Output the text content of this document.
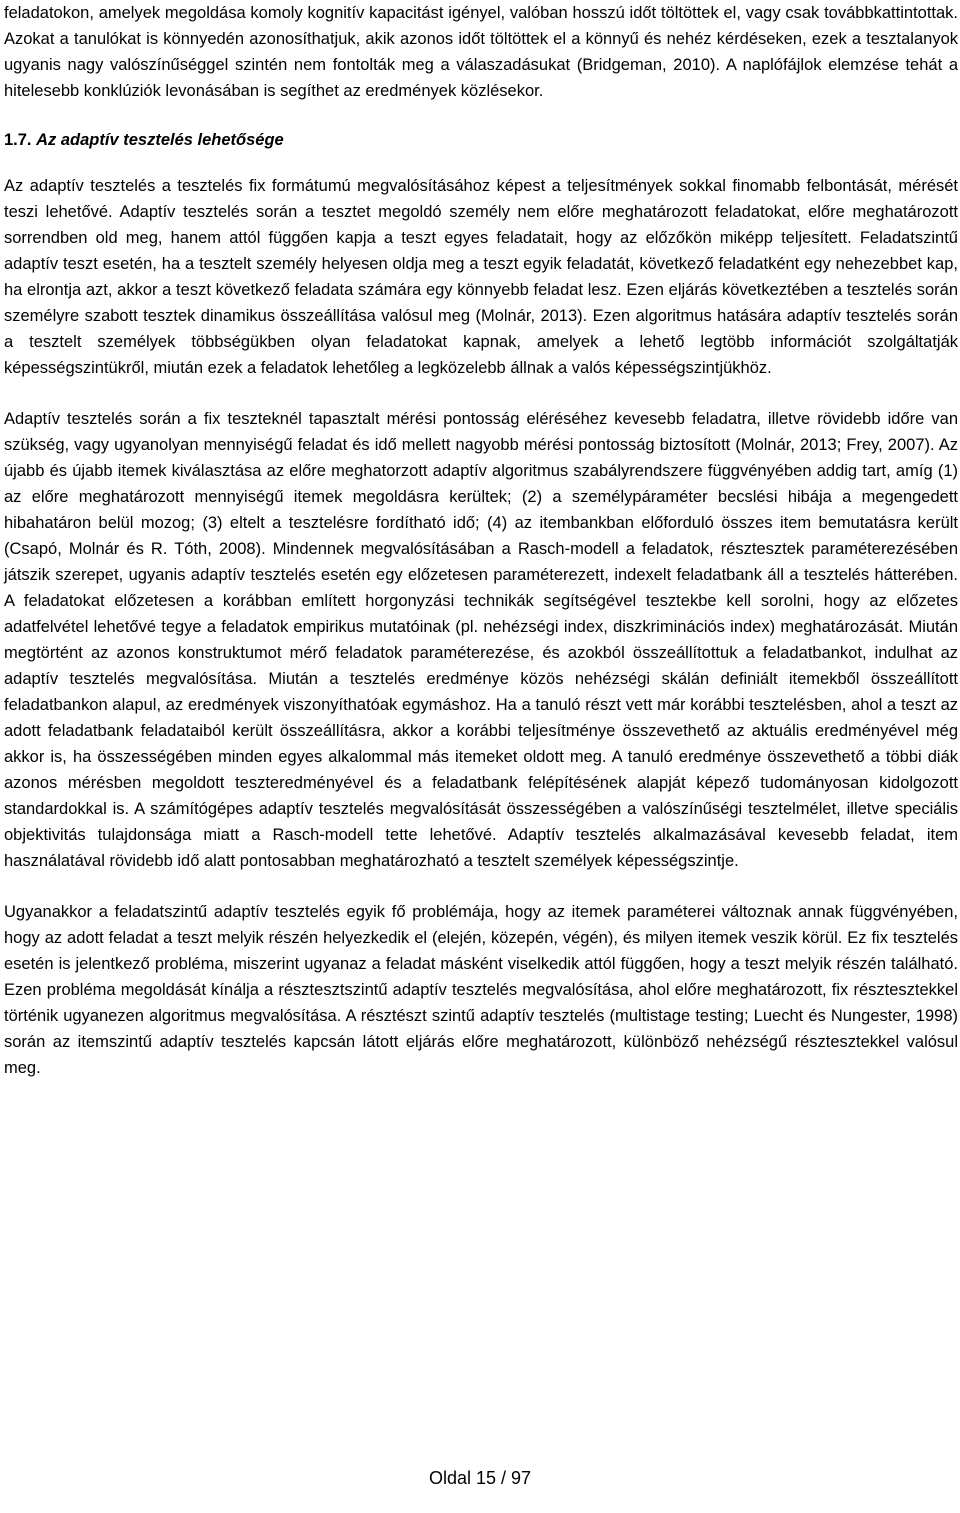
feladatokon, amelyek megoldása komoly kognitív kapacitást igényel, valóban hosszú időt töltöttek el, vagy csak továbbkattintottak. Azokat a tanulókat is könnyedén azonosíthatjuk, akik azonos időt töltöttek el a könnyű és nehéz kérdéseken, ezek a tesztalanyok ugyanis nagy valószínűséggel szintén nem fontolták meg a válaszadásukat (Bridgeman, 2010). A naplófájlok elemzése tehát a hitelesebb konklúziók levonásában is segíthet az eredmények közlésekor.

1.7. Az adaptív tesztelés lehetősége

Az adaptív tesztelés a tesztelés fix formátumú megvalósításához képest a teljesítmények sokkal finomabb felbontását, mérését teszi lehetővé. Adaptív tesztelés során a tesztet megoldó személy nem előre meghatározott feladatokat, előre meghatározott sorrendben old meg, hanem attól függően kapja a teszt egyes feladatait, hogy az előzőkön miképp teljesített. Feladatszintű adaptív teszt esetén, ha a tesztelt személy helyesen oldja meg a teszt egyik feladatát, következő feladatként egy nehezebbet kap, ha elrontja azt, akkor a teszt következő feladata számára egy könnyebb feladat lesz. Ezen eljárás következtében a tesztelés során személyre szabott tesztek dinamikus összeállítása valósul meg (Molnár, 2013). Ezen algoritmus hatására adaptív tesztelés során a tesztelt személyek többségükben olyan feladatokat kapnak, amelyek a lehető legtöbb információt szolgáltatják képességszintükről, miután ezek a feladatok lehetőleg a legközelebb állnak a valós képességszintjükhöz.

Adaptív tesztelés során a fix teszteknél tapasztalt mérési pontosság eléréséhez kevesebb feladatra, illetve rövidebb időre van szükség, vagy ugyanolyan mennyiségű feladat és idő mellett nagyobb mérési pontosság biztosított (Molnár, 2013; Frey, 2007). Az újabb és újabb itemek kiválasztása az előre meghatorzott adaptív algoritmus szabályrendszere függvényében addig tart, amíg (1) az előre meghatározott mennyiségű itemek megoldásra kerültek; (2) a személypáraméter becslési hibája a megengedett hibahatáron belül mozog; (3) eltelt a tesztelésre fordítható idő; (4) az itembankban előforduló összes item bemutatásra került (Csapó, Molnár és R. Tóth, 2008). Mindennek megvalósításában a Rasch-modell a feladatok, résztesztek paraméterezésében játszik szerepet, ugyanis adaptív tesztelés esetén egy előzetesen paraméterezett, indexelt feladatbank áll a tesztelés hátterében. A feladatokat előzetesen a korábban említett horgonyzási technikák segítségével tesztekbe kell sorolni, hogy az előzetes adatfelvétel lehetővé tegye a feladatok empirikus mutatóinak (pl. nehézségi index, diszkriminációs index) meghatározását. Miután megtörtént az azonos konstruktumot mérő feladatok paraméterezése, és azokból összeállítottuk a feladatbankot, indulhat az adaptív tesztelés megvalósítása. Miután a tesztelés eredménye közös nehézségi skálán definiált itemekből összeállított feladatbankon alapul, az eredmények viszonyíthatóak egymáshoz. Ha a tanuló részt vett már korábbi tesztelésben, ahol a teszt az adott feladatbank feladataiból került összeállításra, akkor a korábbi teljesítménye összevethető az aktuális eredményével még akkor is, ha összességében minden egyes alkalommal más itemeket oldott meg. A tanuló eredménye összevethető a többi diák azonos mérésben megoldott teszteredményével és a feladatbank felépítésének alapját képező tudományosan kidolgozott standardokkal is. A számítógépes adaptív tesztelés megvalósítását összességében a valószínűségi tesztelmélet, illetve speciális objektivitás tulajdonsága miatt a Rasch-modell tette lehetővé. Adaptív tesztelés alkalmazásával kevesebb feladat, item használatával rövidebb idő alatt pontosabban meghatározható a tesztelt személyek képességszintje.

Ugyanakkor a feladatszintű adaptív tesztelés egyik fő problémája, hogy az itemek paraméterei változnak annak függvényében, hogy az adott feladat a teszt melyik részén helyezkedik el (elején, közepén, végén), és milyen itemek veszik körül. Ez fix tesztelés esetén is jelentkező probléma, miszerint ugyanaz a feladat másként viselkedik attól függően, hogy a teszt melyik részén található. Ezen probléma megoldását kínálja a résztesztszintű adaptív tesztelés megvalósítása, ahol előre meghatározott, fix résztesztekkel történik ugyanezen algoritmus megvalósítása. A résztészt szintű adaptív tesztelés (multistage testing; Luecht és Nungester, 1998) során az itemszintű adaptív tesztelés kapcsán látott eljárás előre meghatározott, különböző nehézségű résztesztekkel valósul meg.

Oldal 15 / 97
